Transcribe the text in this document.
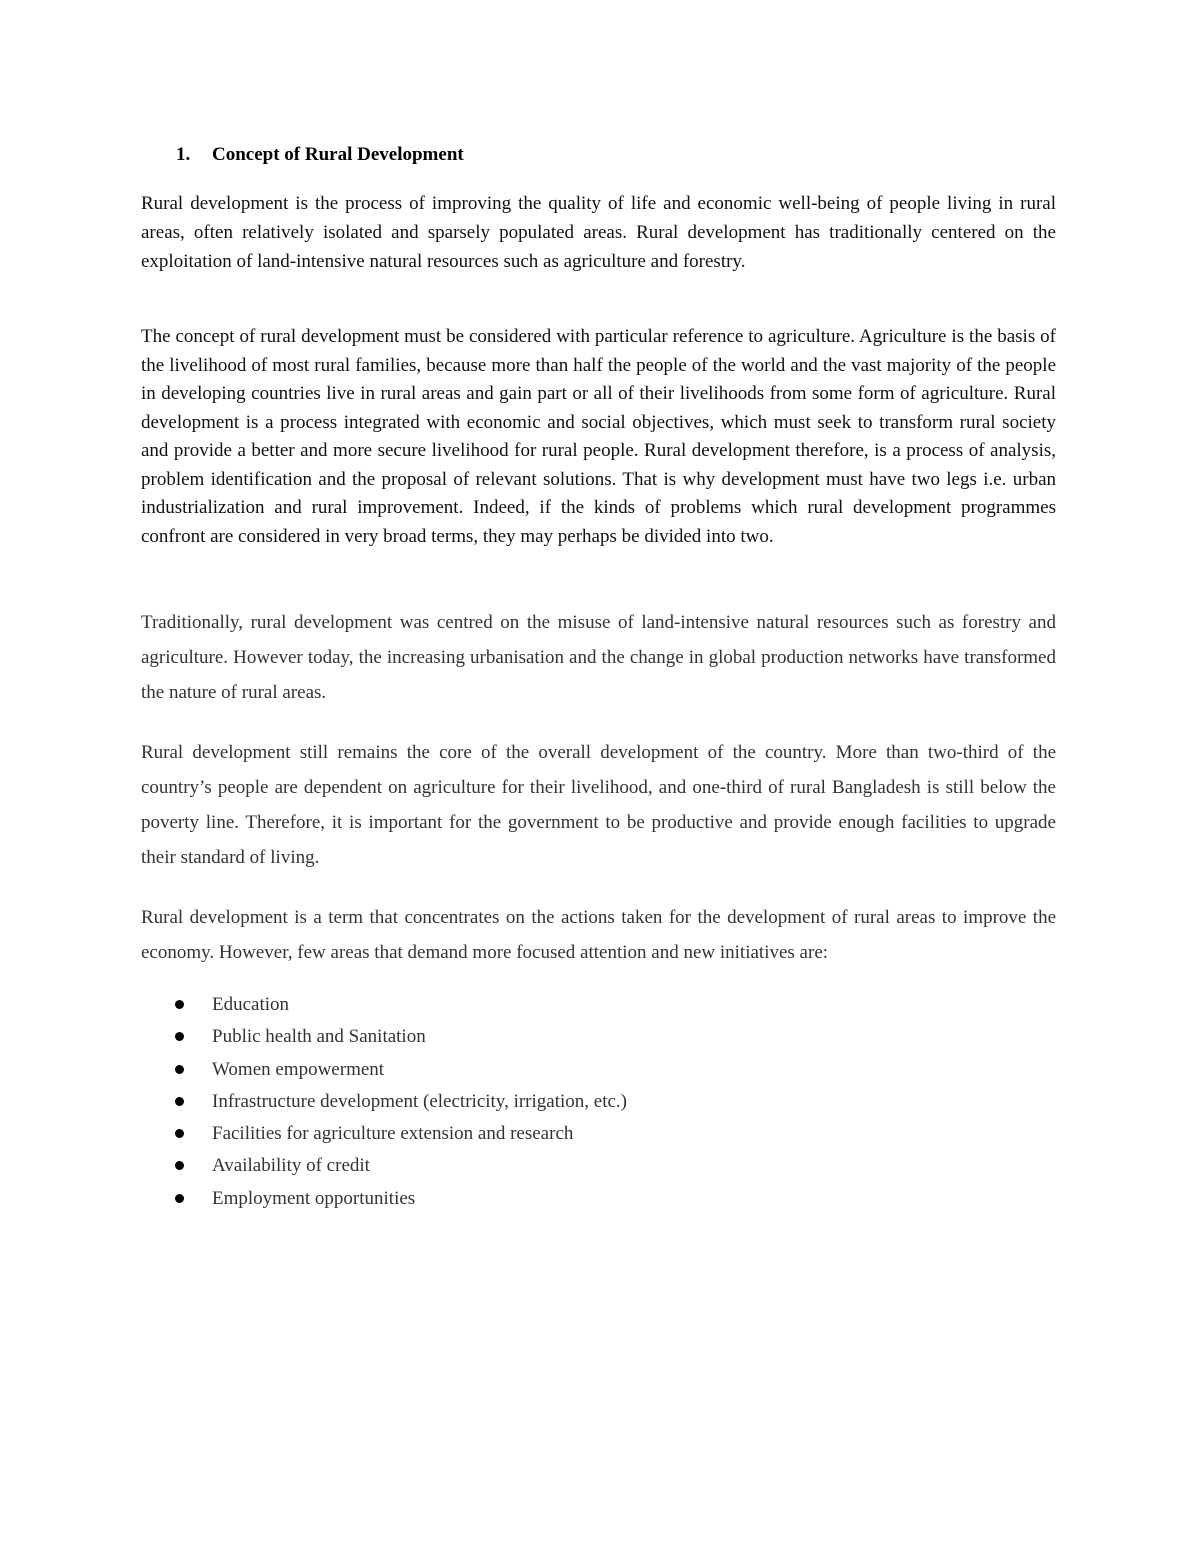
1. Concept of Rural Development

Rural development is the process of improving the quality of life and economic well-being of people living in rural areas, often relatively isolated and sparsely populated areas. Rural development has traditionally centered on the exploitation of land-intensive natural resources such as agriculture and forestry.

The concept of rural development must be considered with particular reference to agriculture. Agriculture is the basis of the livelihood of most rural families, because more than half the people of the world and the vast majority of the people in developing countries live in rural areas and gain part or all of their livelihoods from some form of agriculture. Rural development is a process integrated with economic and social objectives, which must seek to transform rural society and provide a better and more secure livelihood for rural people. Rural development therefore, is a process of analysis, problem identification and the proposal of relevant solutions. That is why development must have two legs i.e. urban industrialization and rural improvement. Indeed, if the kinds of problems which rural development programmes confront are considered in very broad terms, they may perhaps be divided into two.

Traditionally, rural development was centred on the misuse of land-intensive natural resources such as forestry and agriculture. However today, the increasing urbanisation and the change in global production networks have transformed the nature of rural areas.

Rural development still remains the core of the overall development of the country. More than two-third of the country’s people are dependent on agriculture for their livelihood, and one-third of rural Bangladesh is still below the poverty line. Therefore, it is important for the government to be productive and provide enough facilities to upgrade their standard of living.

Rural development is a term that concentrates on the actions taken for the development of rural areas to improve the economy. However, few areas that demand more focused attention and new initiatives are:

Education
Public health and Sanitation
Women empowerment
Infrastructure development (electricity, irrigation, etc.)
Facilities for agriculture extension and research
Availability of credit
Employment opportunities
